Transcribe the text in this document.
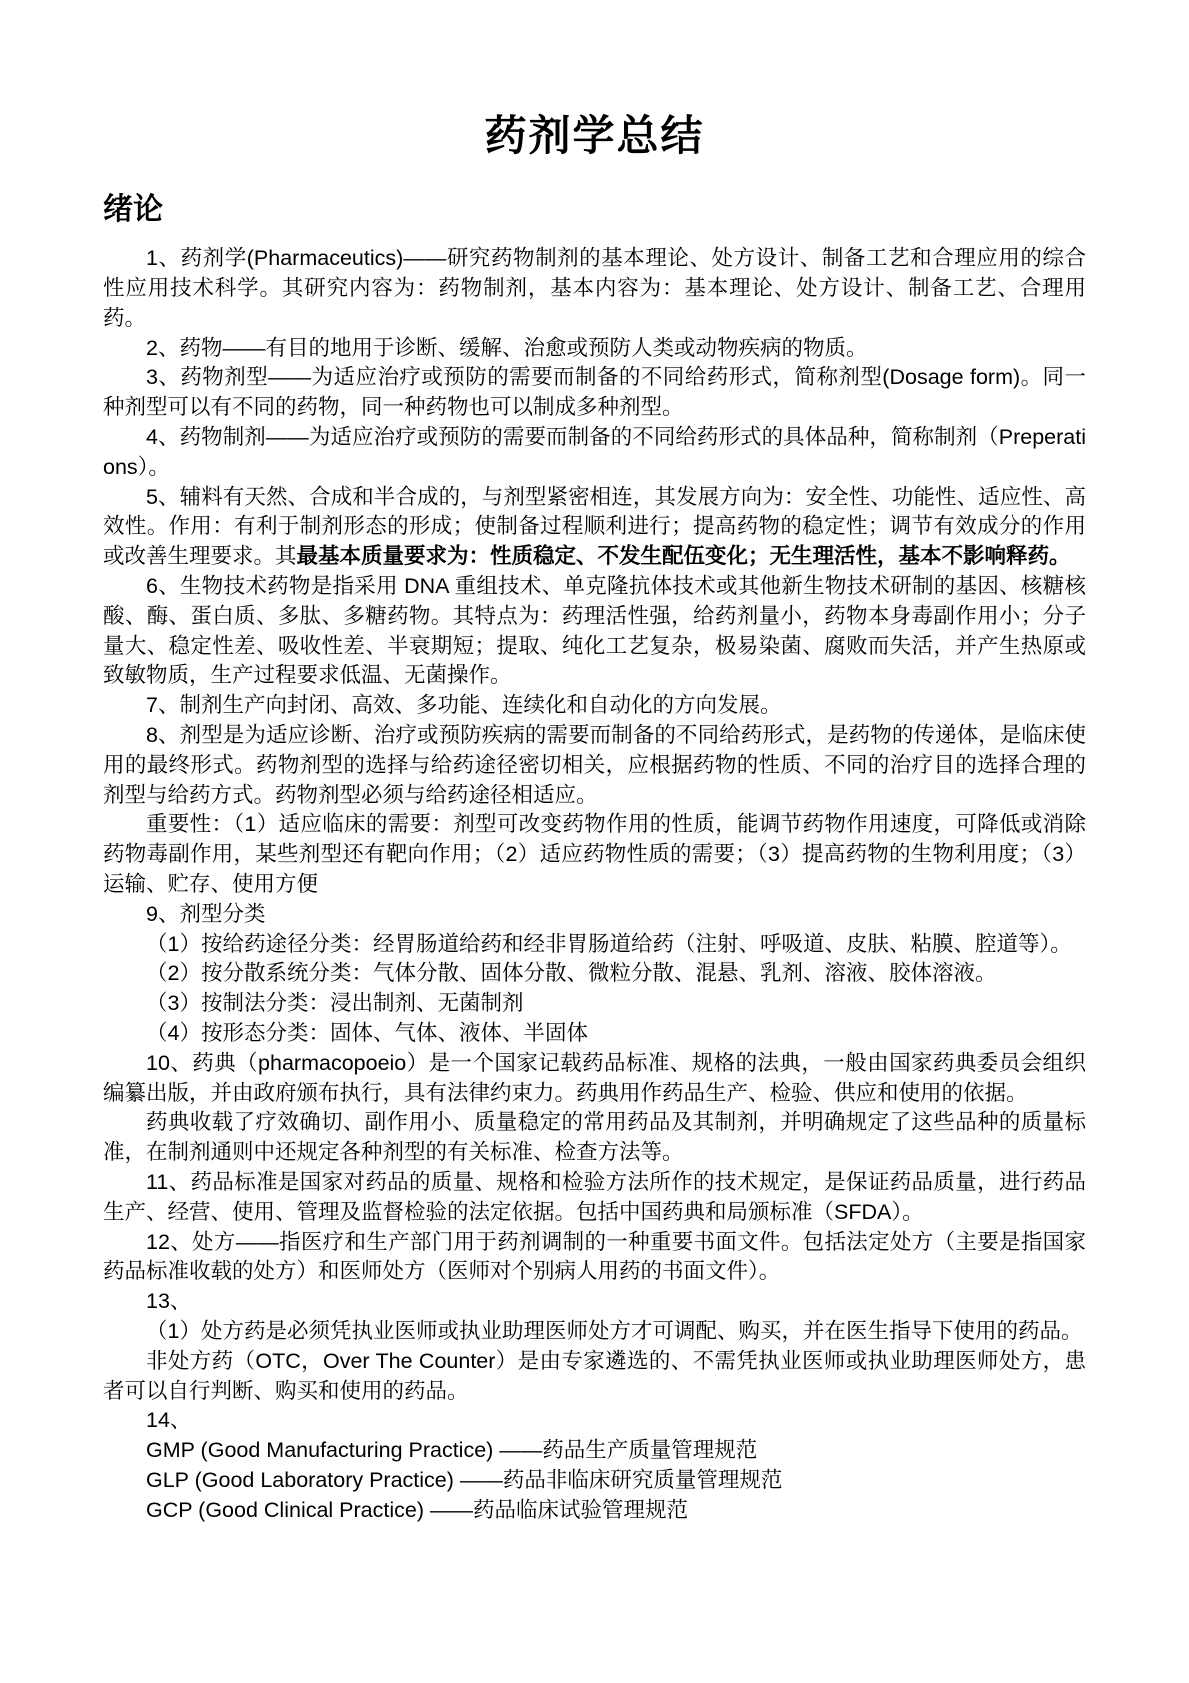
药剂学总结
绪论

1、药剂学(Pharmaceutics)——研究药物制剂的基本理论、处方设计、制备工艺和合理应用的综合性应用技术科学。其研究内容为：药物制剂，基本内容为：基本理论、处方设计、制备工艺、合理用药。

2、药物——有目的地用于诊断、缓解、治愈或预防人类或动物疾病的物质。

3、药物剂型——为适应治疗或预防的需要而制备的不同给药形式，简称剂型(Dosage form)。同一种剂型可以有不同的药物，同一种药物也可以制成多种剂型。

4、药物制剂——为适应治疗或预防的需要而制备的不同给药形式的具体品种，简称制剂（Preperations）。

5、辅料有天然、合成和半合成的，与剂型紧密相连，其发展方向为：安全性、功能性、适应性、高效性。作用：有利于制剂形态的形成；使制备过程顺利进行；提高药物的稳定性；调节有效成分的作用或改善生理要求。其最基本质量要求为：性质稳定、不发生配伍变化；无生理活性，基本不影响释药。

6、生物技术药物是指采用 DNA 重组技术、单克隆抗体技术或其他新生物技术研制的基因、核糖核酸、酶、蛋白质、多肽、多糖药物。其特点为：药理活性强，给药剂量小，药物本身毒副作用小；分子量大、稳定性差、吸收性差、半衰期短；提取、纯化工艺复杂，极易染菌、腐败而失活，并产生热原或致敏物质，生产过程要求低温、无菌操作。

7、制剂生产向封闭、高效、多功能、连续化和自动化的方向发展。

8、剂型是为适应诊断、治疗或预防疾病的需要而制备的不同给药形式，是药物的传递体，是临床使用的最终形式。药物剂型的选择与给药途径密切相关，应根据药物的性质、不同的治疗目的选择合理的剂型与给药方式。药物剂型必须与给药途径相适应。

重要性：（1）适应临床的需要：剂型可改变药物作用的性质，能调节药物作用速度，可降低或消除药物毒副作用，某些剂型还有靶向作用；（2）适应药物性质的需要；（3）提高药物的生物利用度；（3）运输、贮存、使用方便

9、剂型分类

（1）按给药途径分类：经胃肠道给药和经非胃肠道给药（注射、呼吸道、皮肤、粘膜、腔道等）。

（2）按分散系统分类：气体分散、固体分散、微粒分散、混悬、乳剂、溶液、胶体溶液。

（3）按制法分类：浸出制剂、无菌制剂

（4）按形态分类：固体、气体、液体、半固体

10、药典（pharmacopoeio）是一个国家记载药品标准、规格的法典，一般由国家药典委员会组织编纂出版，并由政府颁布执行，具有法律约束力。药典用作药品生产、检验、供应和使用的依据。

药典收载了疗效确切、副作用小、质量稳定的常用药品及其制剂，并明确规定了这些品种的质量标准，在制剂通则中还规定各种剂型的有关标准、检查方法等。

11、药品标准是国家对药品的质量、规格和检验方法所作的技术规定，是保证药品质量，进行药品生产、经营、使用、管理及监督检验的法定依据。包括中国药典和局颁标准（SFDA）。

12、处方——指医疗和生产部门用于药剂调制的一种重要书面文件。包括法定处方（主要是指国家药品标准收载的处方）和医师处方（医师对个别病人用药的书面文件）。

13、

（1）处方药是必须凭执业医师或执业助理医师处方才可调配、购买，并在医生指导下使用的药品。

非处方药（OTC，Over The Counter）是由专家遴选的、不需凭执业医师或执业助理医师处方，患者可以自行判断、购买和使用的药品。

14、

GMP (Good Manufacturing Practice) ——药品生产质量管理规范

GLP (Good Laboratory Practice) ——药品非临床研究质量管理规范

GCP (Good Clinical Practice) ——药品临床试验管理规范
